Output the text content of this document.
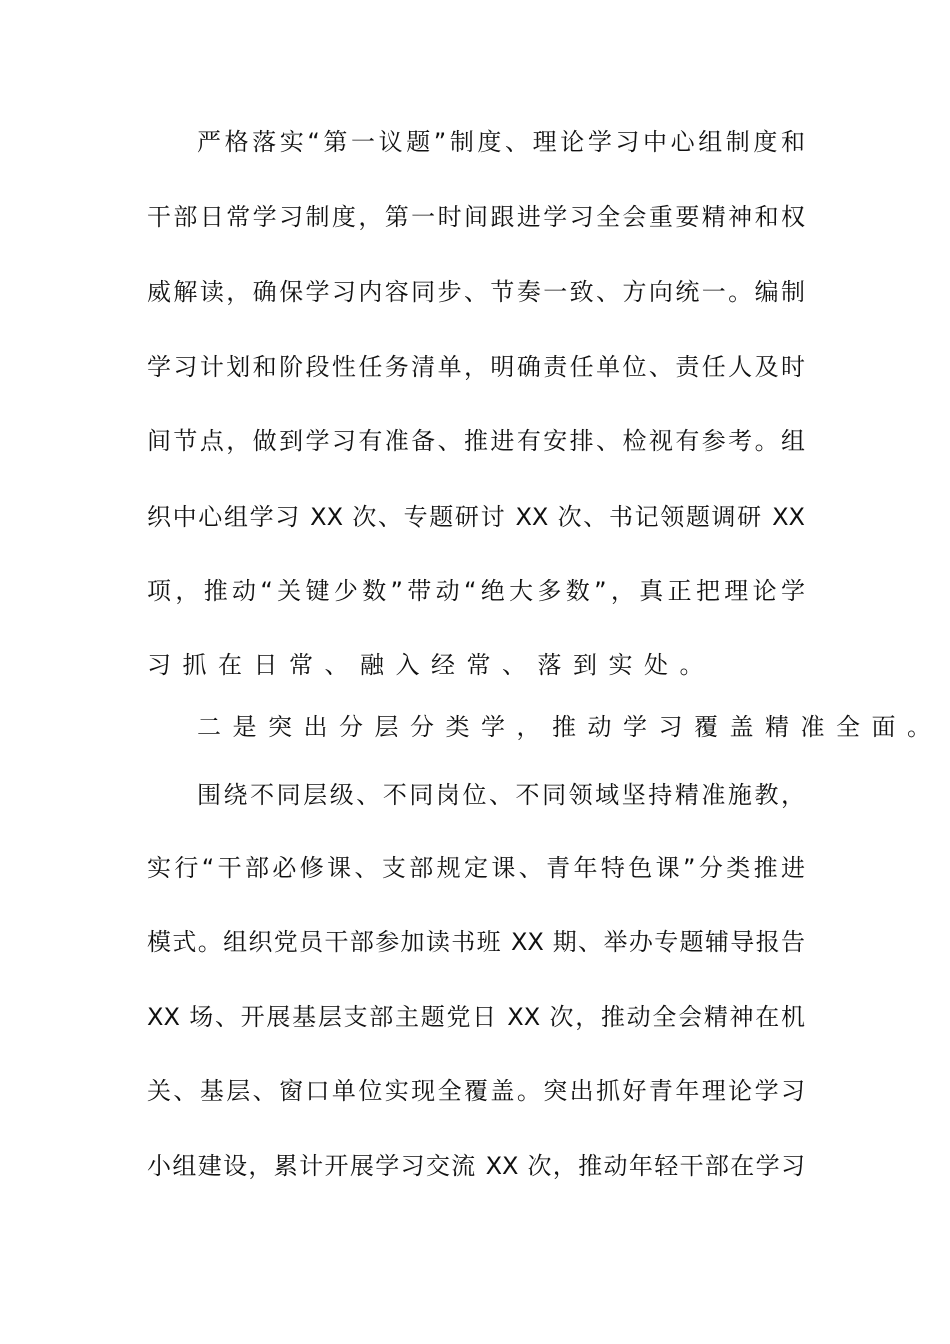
严格落实“第一议题”制度、理论学习中心组制度和
干部日常学习制度，第一时间跟进学习全会重要精神和权
威解读，确保学习内容同步、节奏一致、方向统一。编制
学习计划和阶段性任务清单，明确责任单位、责任人及时
间节点，做到学习有准备、推进有安排、检视有参考。组
织中心组学习 XX 次、专题研讨 XX 次、书记领题调研 XX
项，推动“关键少数”带动“绝大多数”，真正把理论学
习抓在日常、融入经常、落到实处。
二是突出分层分类学，推动学习覆盖精准全面。
围绕不同层级、不同岗位、不同领域坚持精准施教，
实行“干部必修课、支部规定课、青年特色课”分类推进
模式。组织党员干部参加读书班 XX 期、举办专题辅导报告
XX 场、开展基层支部主题党日 XX 次，推动全会精神在机
关、基层、窗口单位实现全覆盖。突出抓好青年理论学习
小组建设，累计开展学习交流 XX 次，推动年轻干部在学习
